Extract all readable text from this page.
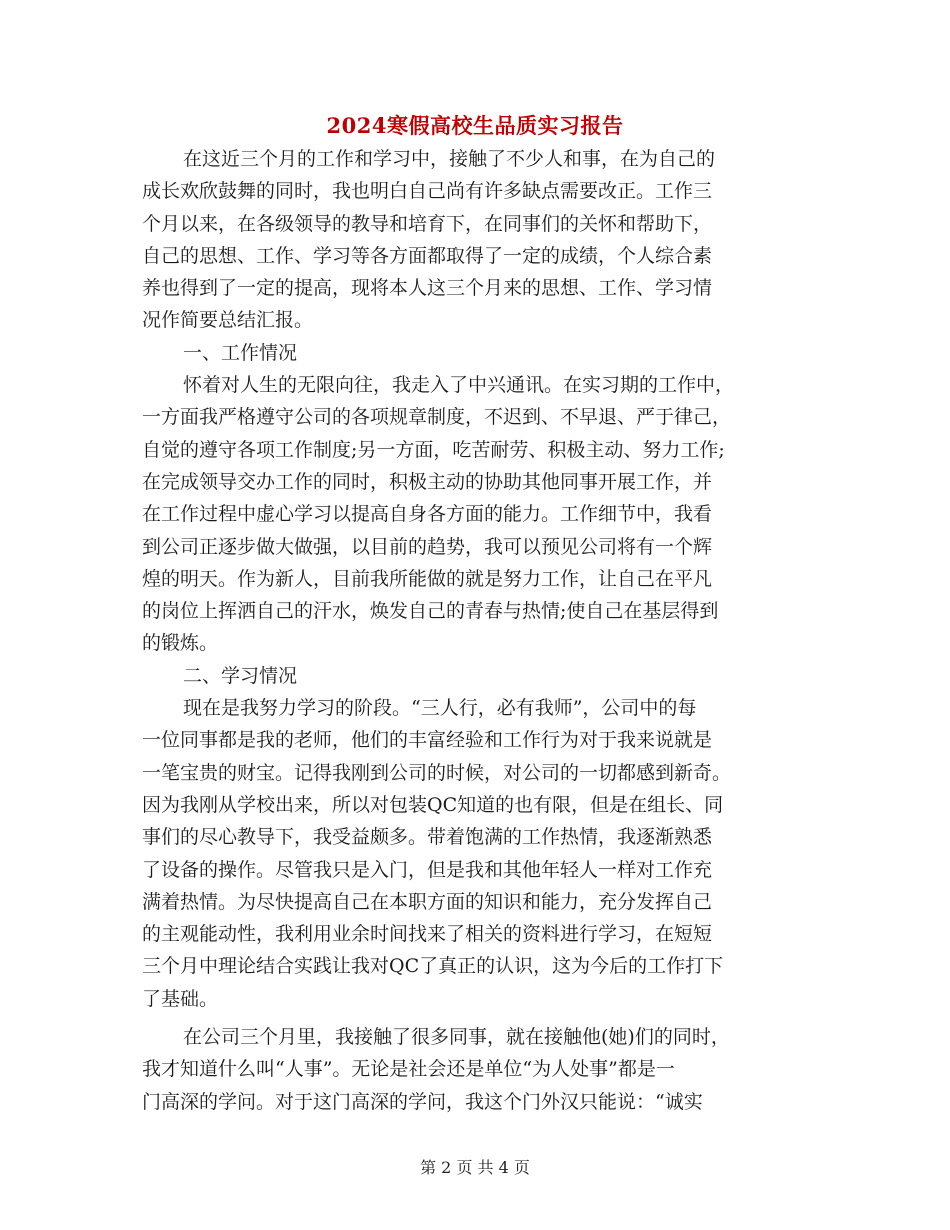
2024寒假高校生品质实习报告
在这近三个月的工作和学习中，接触了不少人和事，在为自己的
成长欢欣鼓舞的同时，我也明白自己尚有许多缺点需要改正。工作三
个月以来，在各级领导的教导和培育下，在同事们的关怀和帮助下，
自己的思想、工作、学习等各方面都取得了一定的成绩，个人综合素
养也得到了一定的提高，现将本人这三个月来的思想、工作、学习情
况作简要总结汇报。
一、工作情况
怀着对人生的无限向往，我走入了中兴通讯。在实习期的工作中，
一方面我严格遵守公司的各项规章制度，不迟到、不早退、严于律己，
自觉的遵守各项工作制度;另一方面，吃苦耐劳、积极主动、努力工作;
在完成领导交办工作的同时，积极主动的协助其他同事开展工作，并
在工作过程中虚心学习以提高自身各方面的能力。工作细节中，我看
到公司正逐步做大做强，以目前的趋势，我可以预见公司将有一个辉
煌的明天。作为新人，目前我所能做的就是努力工作，让自己在平凡
的岗位上挥洒自己的汗水，焕发自己的青春与热情;使自己在基层得到
的锻炼。
二、学习情况
现在是我努力学习的阶段。“三人行，必有我师”，公司中的每
一位同事都是我的老师，他们的丰富经验和工作行为对于我来说就是
一笔宝贵的财宝。记得我刚到公司的时候，对公司的一切都感到新奇。
因为我刚从学校出来，所以对包装QC知道的也有限，但是在组长、同
事们的尽心教导下，我受益颇多。带着饱满的工作热情，我逐渐熟悉
了设备的操作。尽管我只是入门，但是我和其他年轻人一样对工作充
满着热情。为尽快提高自己在本职方面的知识和能力，充分发挥自己
的主观能动性，我利用业余时间找来了相关的资料进行学习，在短短
三个月中理论结合实践让我对QC了真正的认识，这为今后的工作打下
了基础。
在公司三个月里，我接触了很多同事，就在接触他(她)们的同时，
我才知道什么叫“人事”。无论是社会还是单位“为人处事”都是一
门高深的学问。对于这门高深的学问，我这个门外汉只能说：“诚实
第 2 页 共 4 页
